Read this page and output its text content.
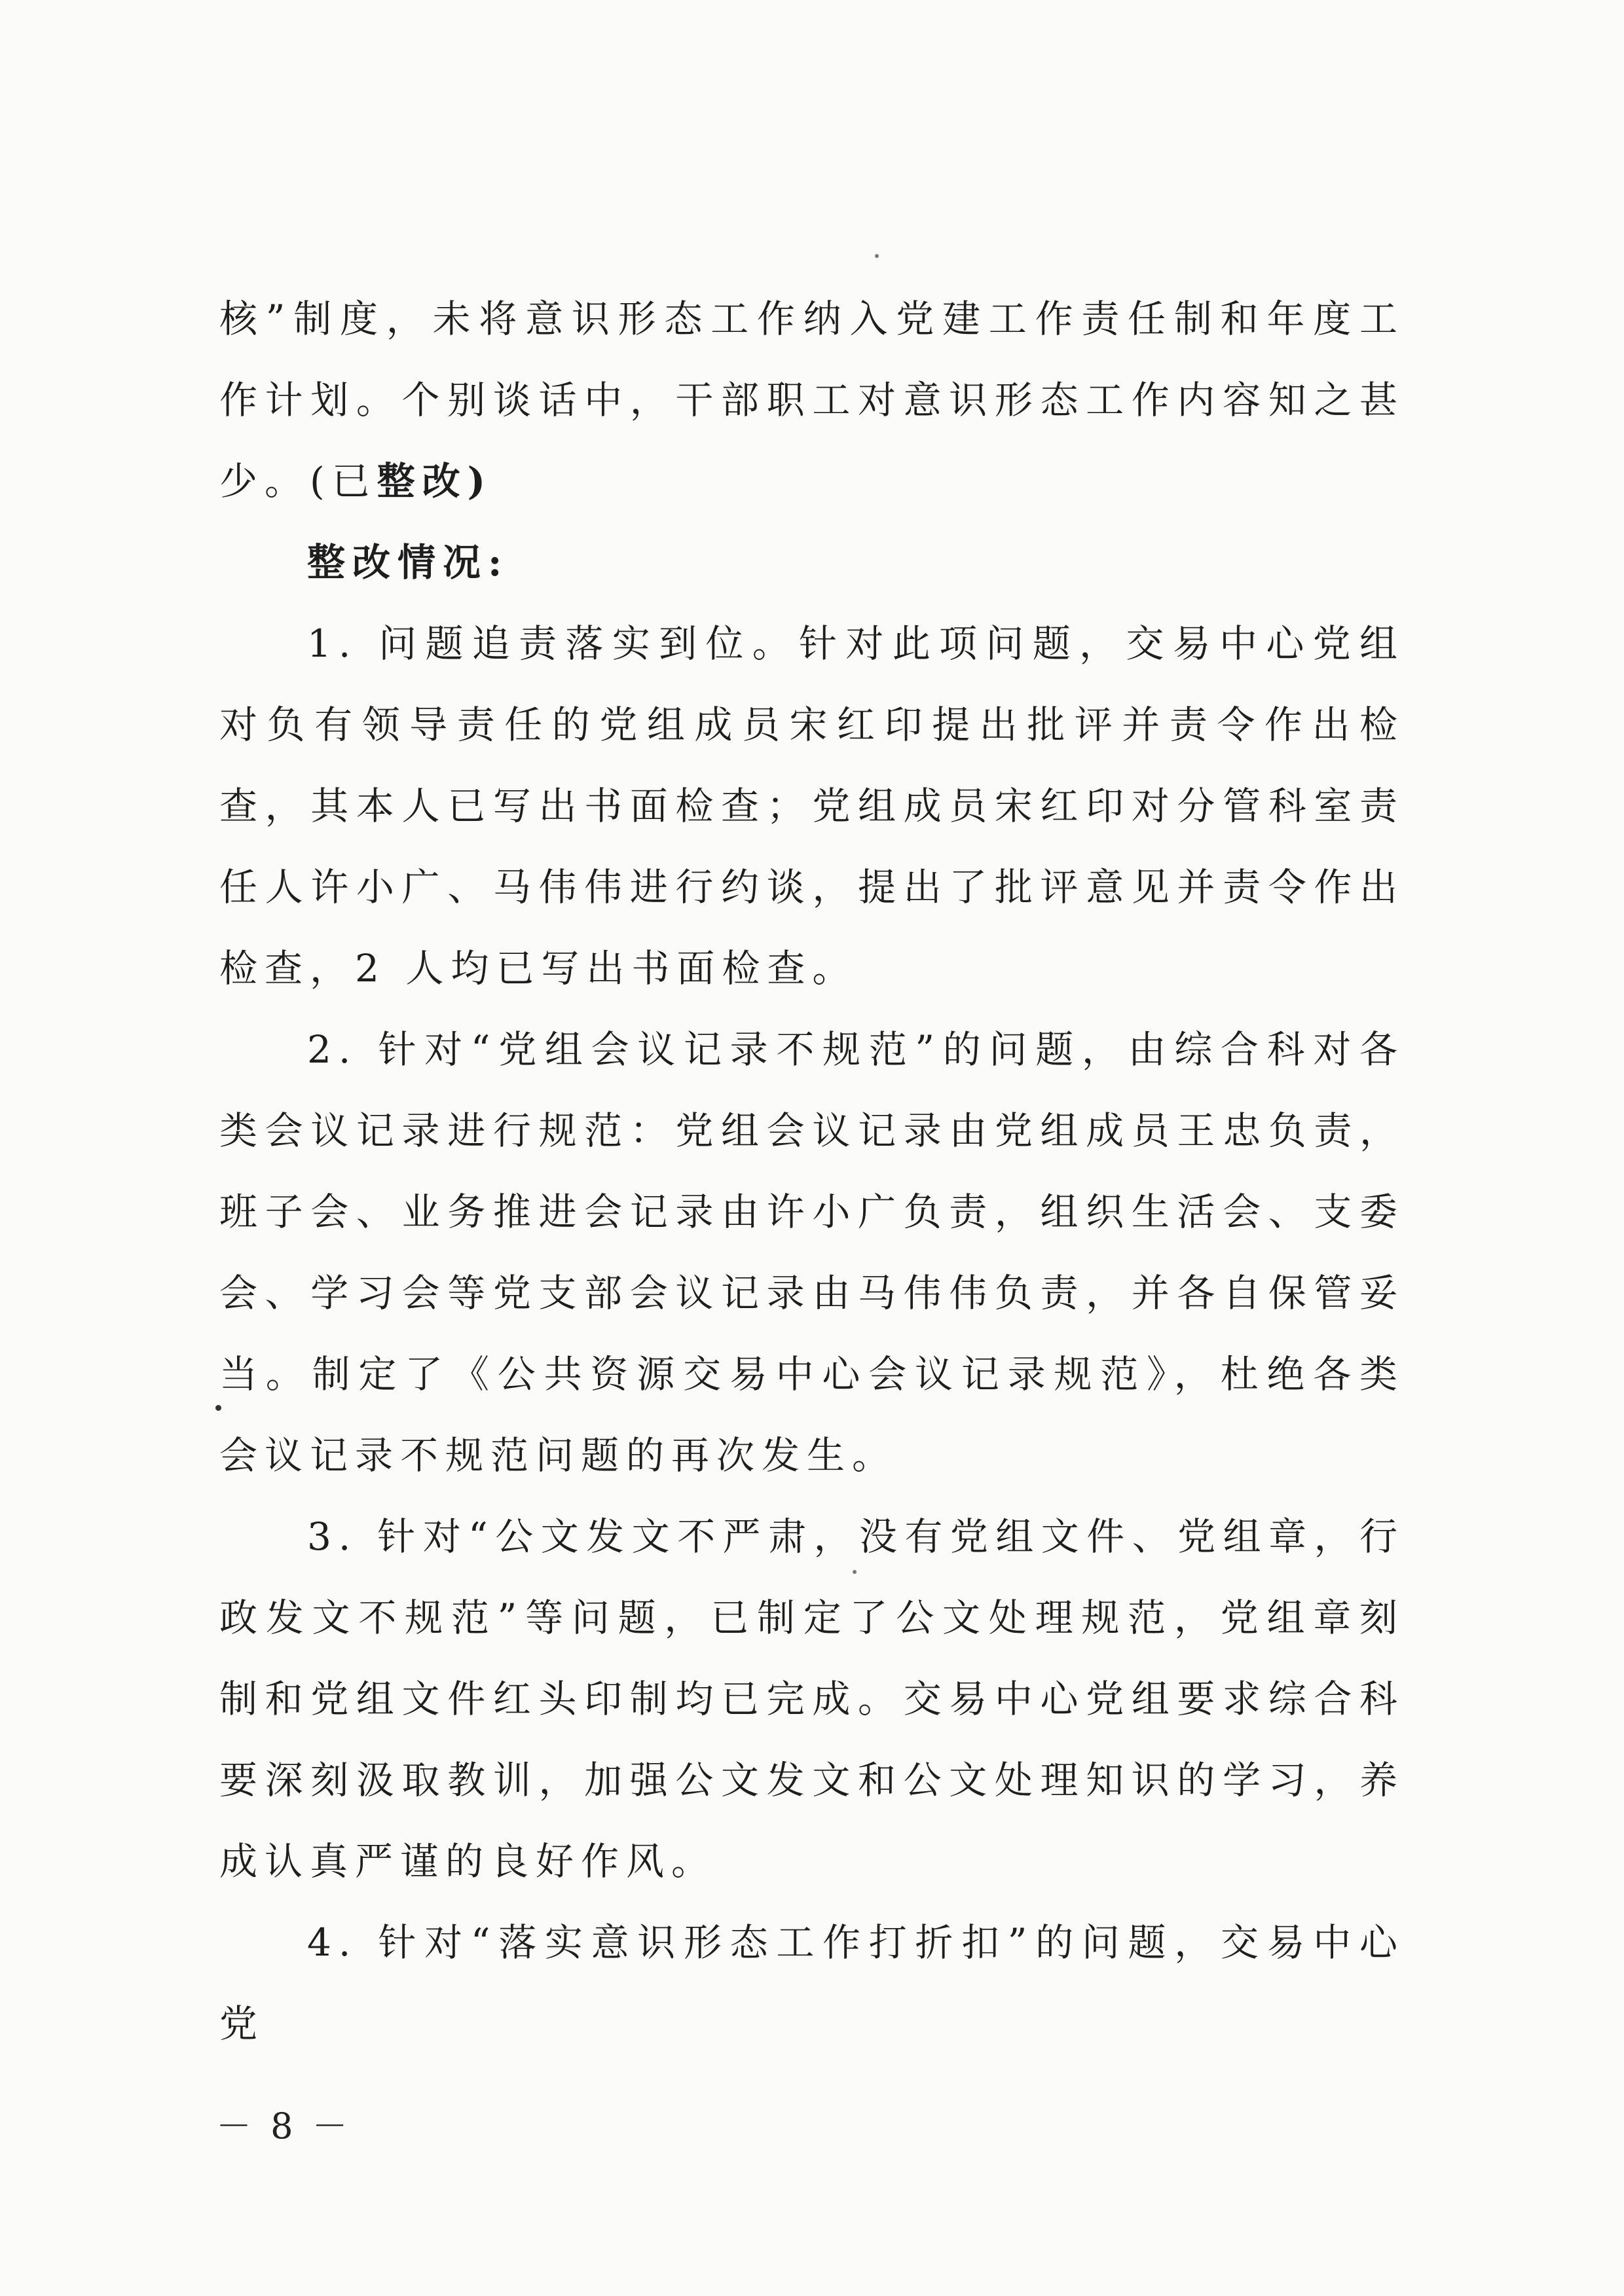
核”制度，未将意识形态工作纳入党建工作责任制和年度工作计划。个别谈话中，干部职工对意识形态工作内容知之甚少。(已整改)

整改情况:

1. 问题追责落实到位。针对此项问题，交易中心党组对负有领导责任的党组成员宋红印提出批评并责令作出检查，其本人已写出书面检查；党组成员宋红印对分管科室责任人许小广、马伟伟进行约谈，提出了批评意见并责令作出检查，2 人均已写出书面检查。

2. 针对“党组会议记录不规范”的问题，由综合科对各类会议记录进行规范：党组会议记录由党组成员王忠负责，班子会、业务推进会记录由许小广负责，组织生活会、支委会、学习会等党支部会议记录由马伟伟负责，并各自保管妥当。制定了《公共资源交易中心会议记录规范》，杜绝各类会议记录不规范问题的再次发生。

3. 针对“公文发文不严肃，没有党组文件、党组章，行政发文不规范”等问题，已制定了公文处理规范，党组章刻制和党组文件红头印制均已完成。交易中心党组要求综合科要深刻汲取教训，加强公文发文和公文处理知识的学习，养成认真严谨的良好作风。

4. 针对“落实意识形态工作打折扣”的问题，交易中心党

－ 8 －
